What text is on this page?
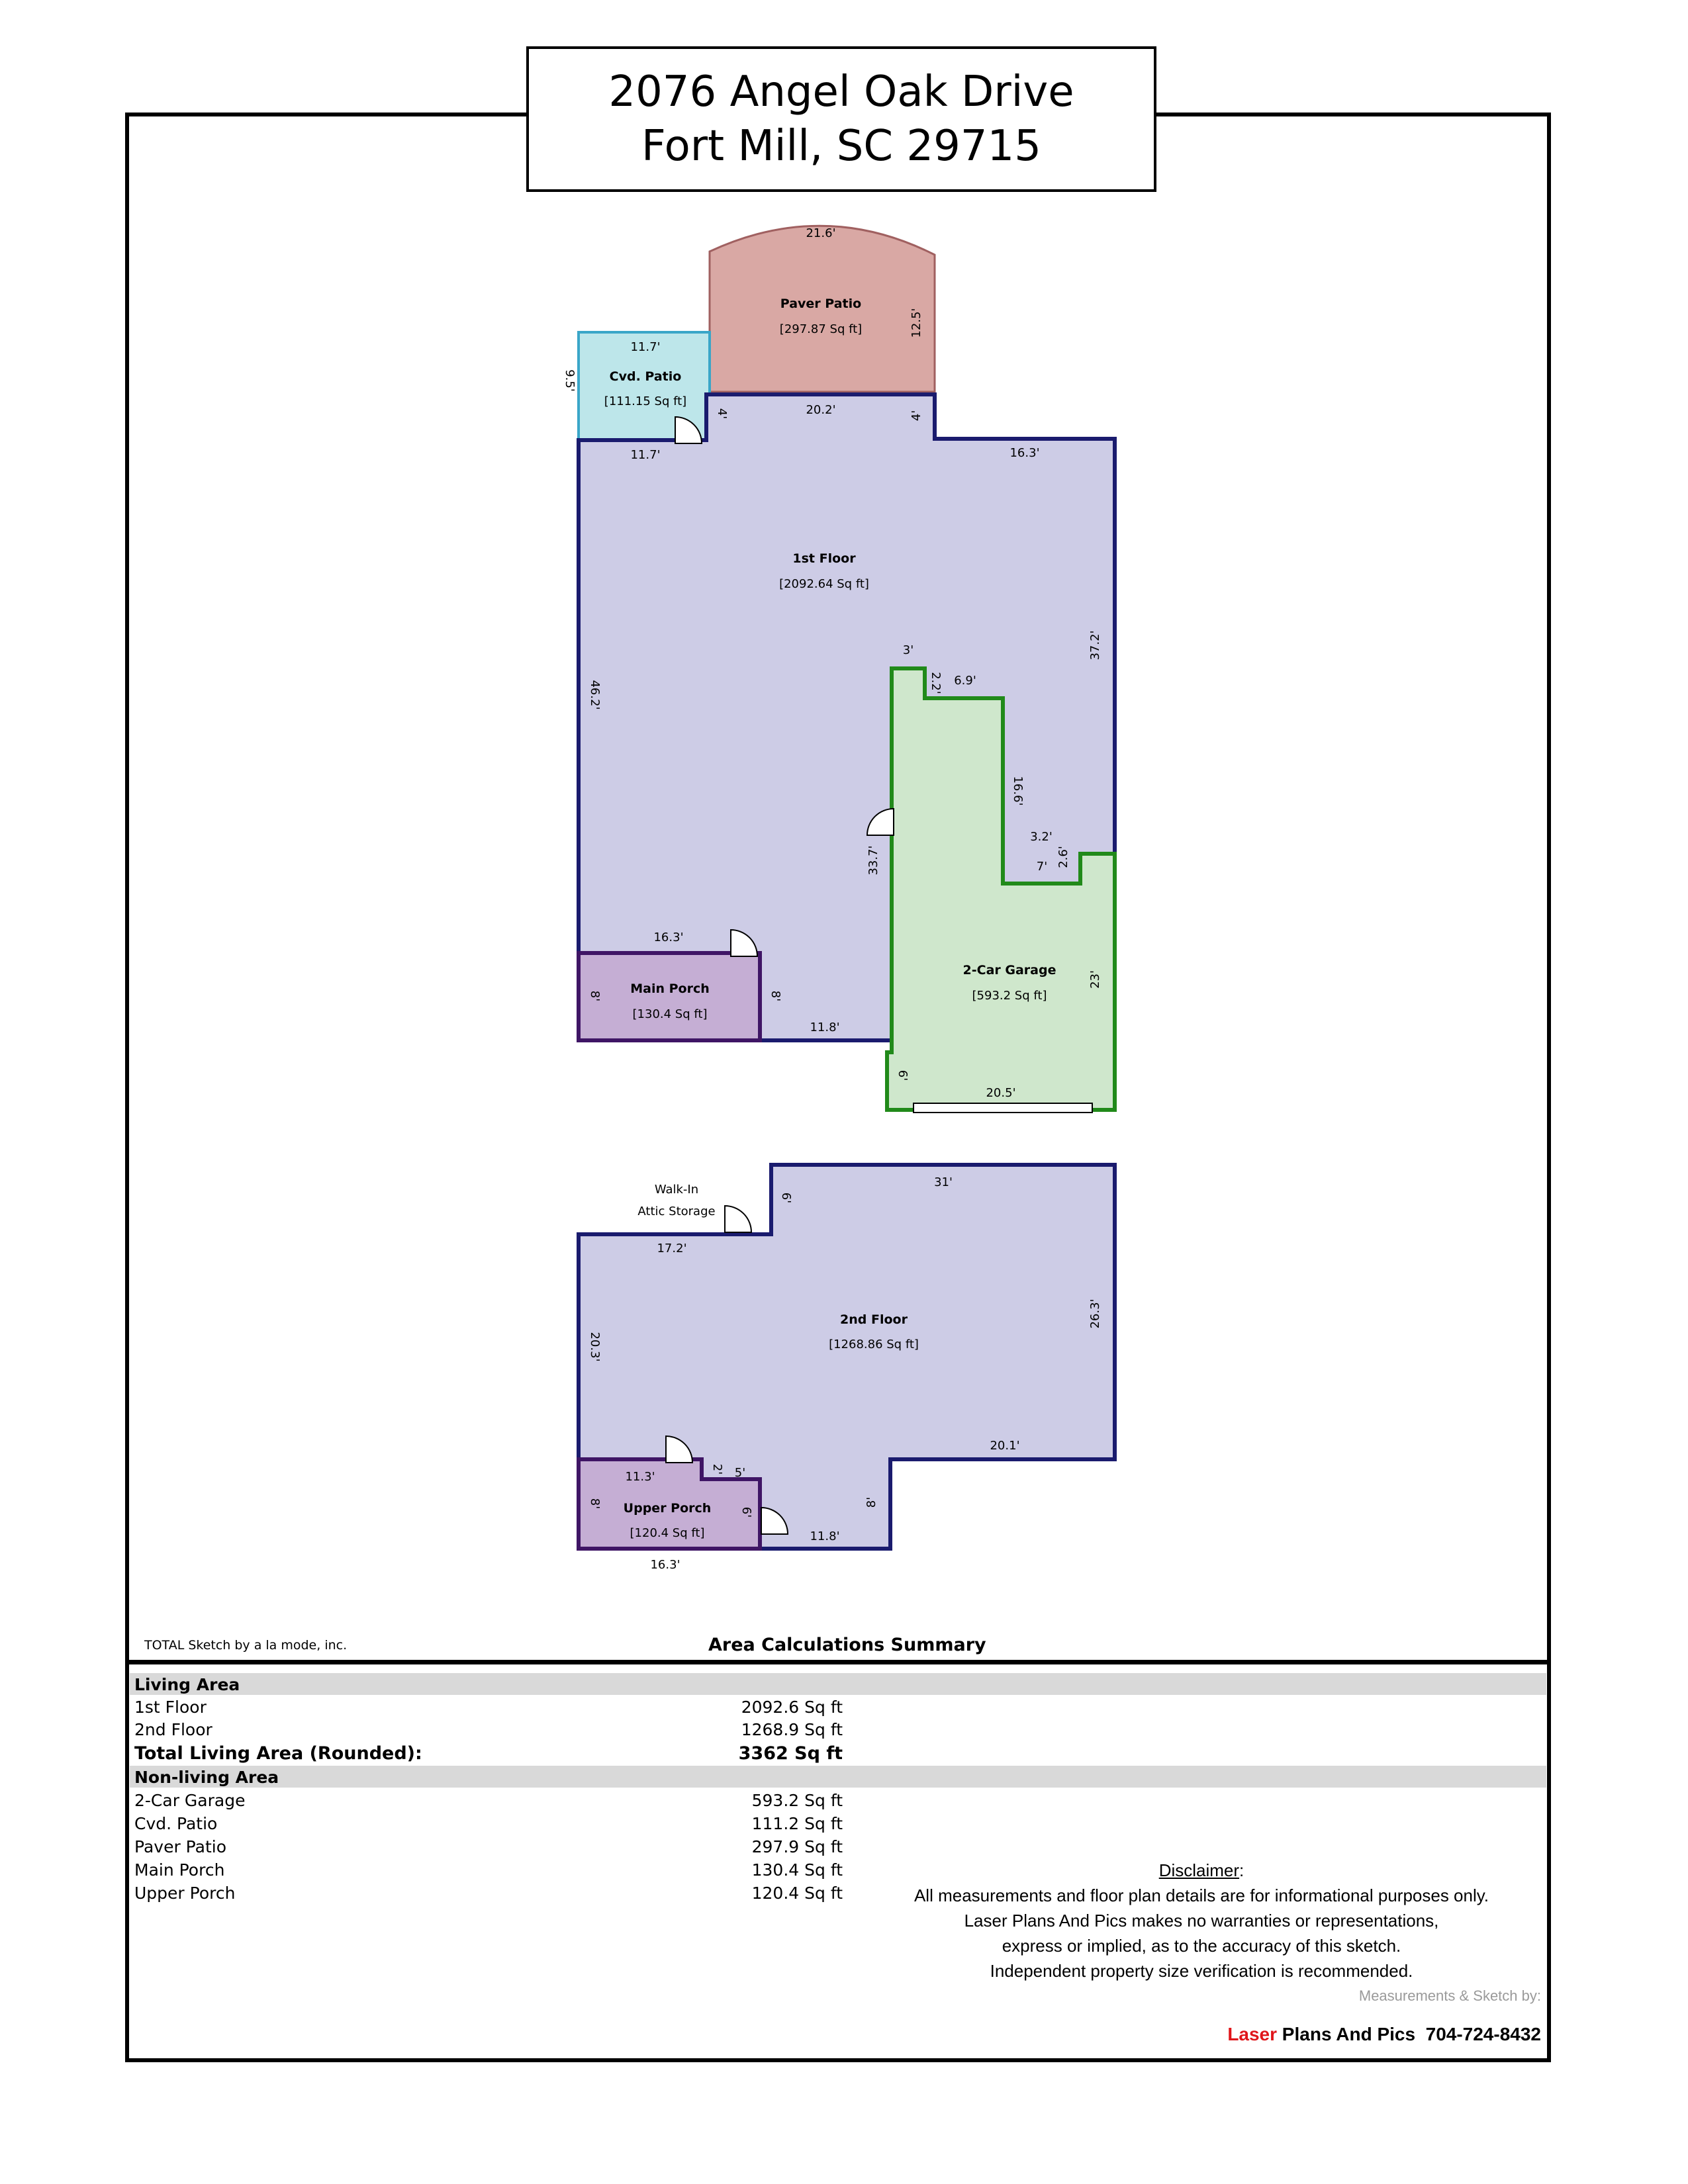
2076 Angel Oak Drive
Fort Mill, SC 29715
Paver Patio
Cvd. Patio
1st Floor
2-Car Garage
Main Porch
2nd Floor
Upper Porch
[297.87 Sq ft]
[111.15 Sq ft]
[2092.64 Sq ft]
[593.2 Sq ft]
[130.4 Sq ft]
[1268.86 Sq ft]
[120.4 Sq ft]
Walk-In
Attic Storage
21.6'
11.7'
11.7'
20.2'
16.3'
3'
6.9'
3.2'
7'
16.3'
11.8'
20.5'
31'
17.2'
20.1'
11.3'	5'
11.8'
16.3'
12.5'
9.5'
4'	4'
46.2'
37.2'
2.2'
16.6'
33.7'	2.6'
8'	8'
23'
6'
6'
20.3'
26.3'
2'
8'
6'
8'
TOTAL Sketch by a la mode, inc.	Area Calculations Summary
Living Area
1st Floor	2092.6 Sq ft
2nd Floor	1268.9 Sq ft
Total Living Area (Rounded):	3362 Sq ft
Non-living Area
2-Car Garage	593.2 Sq ft
Cvd. Patio	111.2 Sq ft
Paver Patio	297.9 Sq ft
Main Porch	130.4 Sq ft
Upper Porch	120.4 Sq ft
Disclaimer:
All measurements and floor plan details are for informational purposes only.
Laser Plans And Pics makes no warranties or representations,
express or implied, as to the accuracy of this sketch.
Independent property size verification is recommended.
Measurements & Sketch by:
Laser Plans And Pics  704-724-8432
